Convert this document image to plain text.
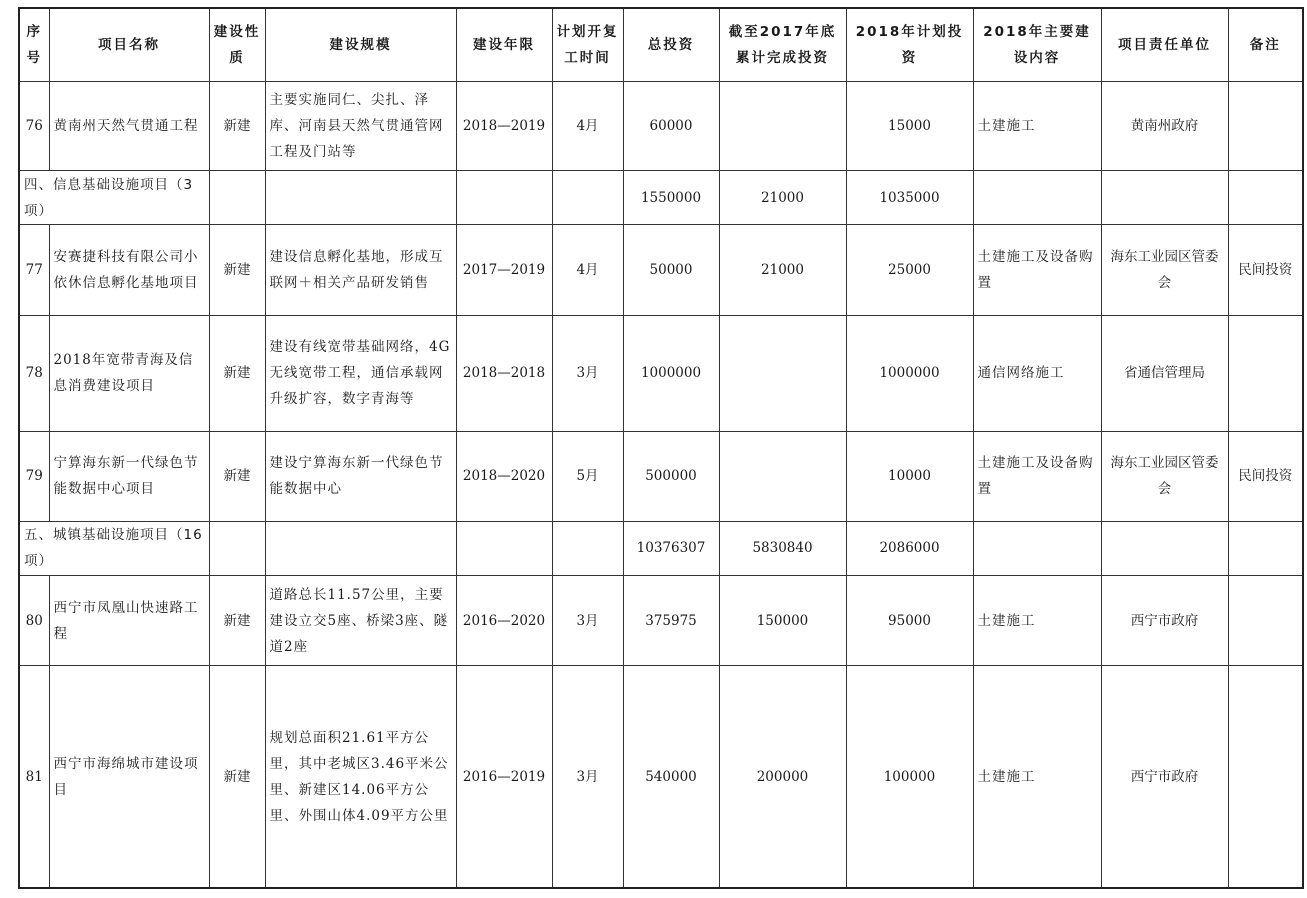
序号	项目名称	建设性质	建设规模	建设年限	计划开复工时间	总投资	截至2017年底累计完成投资	2018年计划投资	2018年主要建设内容	项目责任单位	备注
76	黄南州天然气贯通工程	新建	主要实施同仁、尖扎、泽库、河南县天然气贯通管网工程及门站等	2018—2019	4月	60000		15000	土建施工	黄南州政府	
四、信息基础设施项目（3项）						1550000	21000	1035000			
77	安赛捷科技有限公司小依休信息孵化基地项目	新建	建设信息孵化基地，形成互联网＋相关产品研发销售	2017—2019	4月	50000	21000	25000	土建施工及设备购置	海东工业园区管委会	民间投资
78	2018年宽带青海及信息消费建设项目	新建	建设有线宽带基础网络，4G无线宽带工程，通信承载网升级扩容，数字青海等	2018—2018	3月	1000000		1000000	通信网络施工	省通信管理局	
79	宁算海东新一代绿色节能数据中心项目	新建	建设宁算海东新一代绿色节能数据中心	2018—2020	5月	500000		10000	土建施工及设备购置	海东工业园区管委会	民间投资
五、城镇基础设施项目（16项）						10376307	5830840	2086000			
80	西宁市凤凰山快速路工程	新建	道路总长11.57公里，主要建设立交5座、桥梁3座、隧道2座	2016—2020	3月	375975	150000	95000	土建施工	西宁市政府	
81	西宁市海绵城市建设项目	新建	规划总面积21.61平方公里，其中老城区3.46平米公里、新建区14.06平方公里、外围山体4.09平方公里	2016—2019	3月	540000	200000	100000	土建施工	西宁市政府	
